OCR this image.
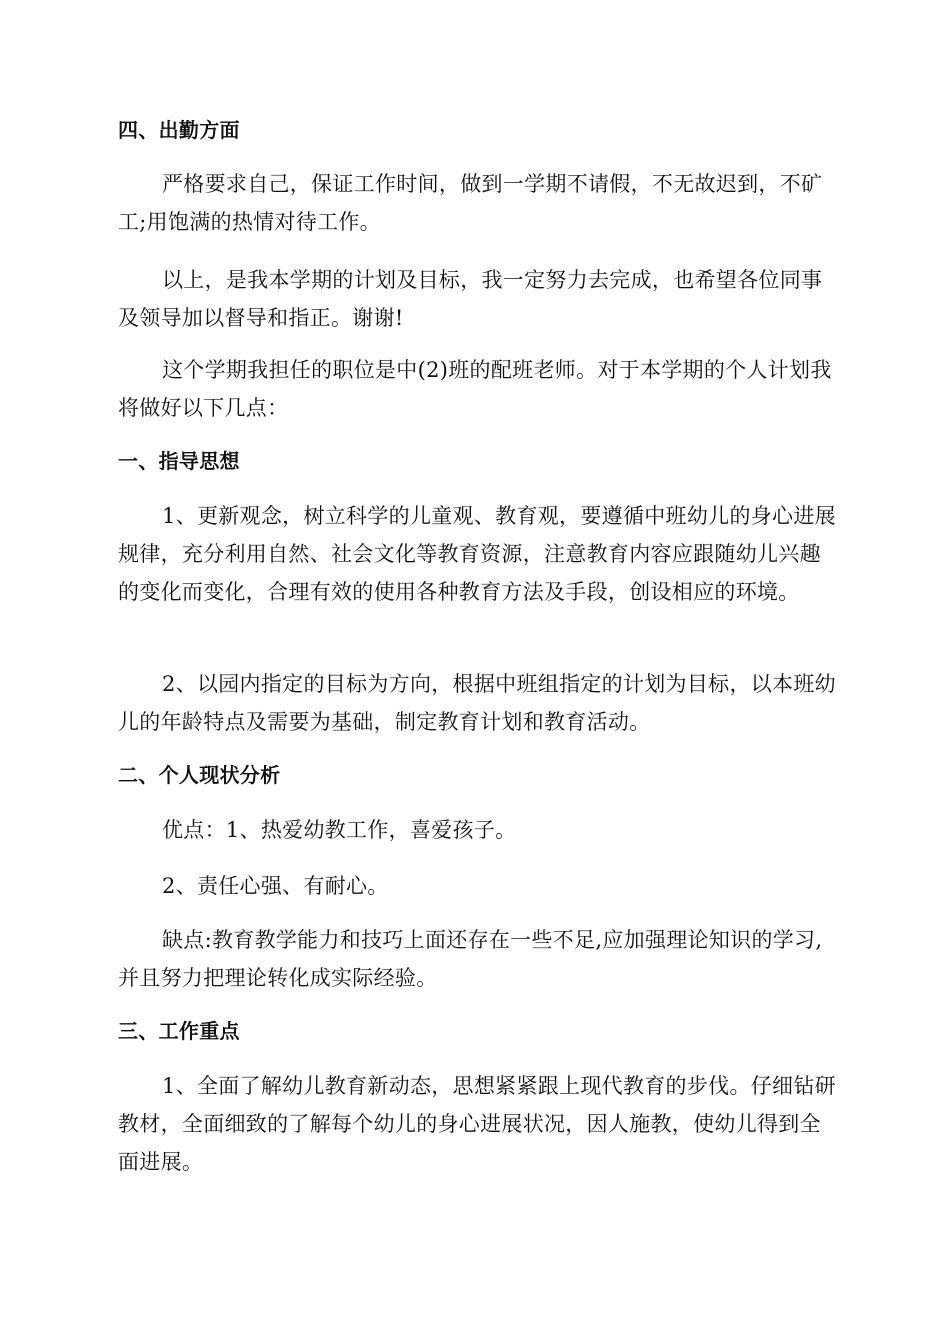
四、出勤方面

严格要求自己，保证工作时间，做到一学期不请假，不无故迟到，不矿工;用饱满的热情对待工作。

以上，是我本学期的计划及目标，我一定努力去完成，也希望各位同事及领导加以督导和指正。谢谢!

这个学期我担任的职位是中(2)班的配班老师。对于本学期的个人计划我将做好以下几点：

一、指导思想

1、更新观念，树立科学的儿童观、教育观，要遵循中班幼儿的身心进展规律，充分利用自然、社会文化等教育资源，注意教育内容应跟随幼儿兴趣的变化而变化，合理有效的使用各种教育方法及手段，创设相应的环境。

2、以园内指定的目标为方向，根据中班组指定的计划为目标，以本班幼儿的年龄特点及需要为基础，制定教育计划和教育活动。

二、个人现状分析

优点：1、热爱幼教工作，喜爱孩子。

2、责任心强、有耐心。

缺点:教育教学能力和技巧上面还存在一些不足,应加强理论知识的学习,并且努力把理论转化成实际经验。

三、工作重点

1、全面了解幼儿教育新动态，思想紧紧跟上现代教育的步伐。仔细钻研教材，全面细致的了解每个幼儿的身心进展状况，因人施教，使幼儿得到全面进展。
